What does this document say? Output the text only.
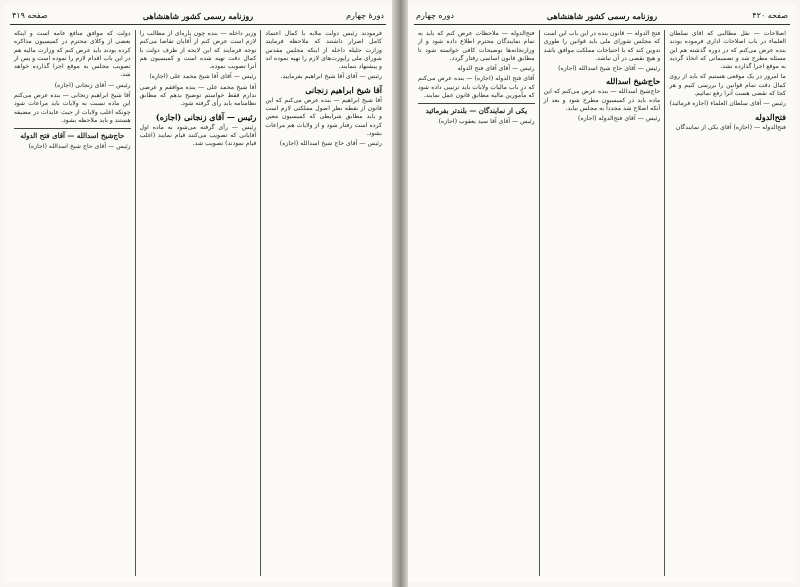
دورهٔ چهارم
روزنامه رسمی کشور شاهنشاهی
صفحه ۴۱۹

فرمودند رئیس دولت ملایه با کمال اعتماد کامل اصرار داشتند که ملاحظه فرمایند وزارت جلیله داخله از اینکه مجلس مقدس شورای ملی راپورت‌های لازم را تهیه نموده اند و پیشنهاد بنمایند.

رئیس — آقای آقا شیخ ابراهیم بفرمایید.

آقا شیخ ابراهیم زنجانی

آقا شیخ ابراهیم — بنده عرض می‌کنم که این قانون از نقطه نظر اصول مملکتی لازم است و باید مطابق شرایطی که کمیسیون معین کرده است رفتار شود و از ولایات هم مراعات بشود.

رئیس — آقای حاج شیخ اسدالله (اجازه)

وزیر داخله — بنده چون پاره‌ای از مطالب را لازم است عرض کنم از آقایان تقاضا می‌کنم توجه فرمایند که این لایحه از طرف دولت با کمال دقت تهیه شده است و کمیسیون هم آنرا تصویب نموده.

رئیس — آقای آقا شیخ محمد علی (اجازه)

آقا شیخ محمد علی — بنده موافقم و عرضی ندارم فقط خواستم توضیح بدهم که مطابق نظامنامه باید رأی گرفته شود.

رئیس — آقای زنجانی (اجازه)

رئیس — رأی گرفته می‌شود به ماده اول آقایانی که تصویب می‌کنند قیام نمایند (اغلب قیام نمودند) تصویب شد.

دولت که موافق منافع عامه است و اینکه بعضی از وکلای محترم در کمیسیون مذاکره کرده بودند باید عرض کنم که وزارت مالیه هم در این باب اقدام لازم را نموده است و پس از تصویب مجلس به موقع اجرا گذارده خواهد شد.

رئیس — آقای زنجانی (اجازه)

آقا شیخ ابراهیم زنجانی — بنده عرض می‌کنم این ماده نسبت به ولایات باید مراعات شود چونکه اغلب ولایات از حیث عایدات در مضیقه هستند و باید ملاحظه بشود.

حاج‌شیخ اسدالله — آقای فتح الدوله

رئیس — آقای حاج شیخ اسدالله (اجازه)

صفحه ۴۲۰
روزنامه رسمی کشور شاهنشاهی
دوره چهارم

اصلاحات — نقل مطالبی که آقای سلطان العلماء در باب اصلاحات اداری فرموده بودند بنده عرض می‌کنم که در دوره گذشته هم این مسئله مطرح شد و تصمیماتی که اتخاذ گردید به موقع اجرا گذارده نشد.

ما امروز در یک موقعی هستیم که باید از روی کمال دقت تمام قوانین را بررسی کنیم و هر کجا که نقصی هست آنرا رفع نمائیم.

رئیس — آقای سلطان العلماء (اجازه فرمائید)

فتح‌الدوله

فتح‌الدوله — (اجازه) آقای یکی از نمایندگان

فتح الدوله — قانون بنده در این باب این است که مجلس شورای ملی باید قوانین را طوری تدوین کند که با احتیاجات مملکت موافق باشد و هیچ نقصی در آن نباشد.

رئیس — آقای حاج شیخ اسدالله (اجازه)

حاج‌شیخ اسدالله

حاج‌شیخ اسدالله — بنده عرض می‌کنم که این ماده باید در کمیسیون مطرح شود و بعد از آنکه اصلاح شد مجدداً به مجلس بیاید.

رئیس — آقای فتح‌الدوله (اجازه)

فتح‌الدوله — ملاحظات عرض کنم که باید به تمام نمایندگان محترم اطلاع داده شود و از وزارتخانه‌ها توضیحات کافی خواسته شود تا مطابق قانون اساسی رفتار گردد.

رئیس — آقای آقای فتح الدوله

آقای فتح الدوله (اجازه) — بنده عرض می‌کنم که در باب مالیات ولایات باید ترتیبی داده شود که مأمورین مالیه مطابق قانون عمل نمایند.

یکی از نمایندگان — بلند‌تر بفرمائید

رئیس — آقای آقا سید یعقوب (اجازه)
